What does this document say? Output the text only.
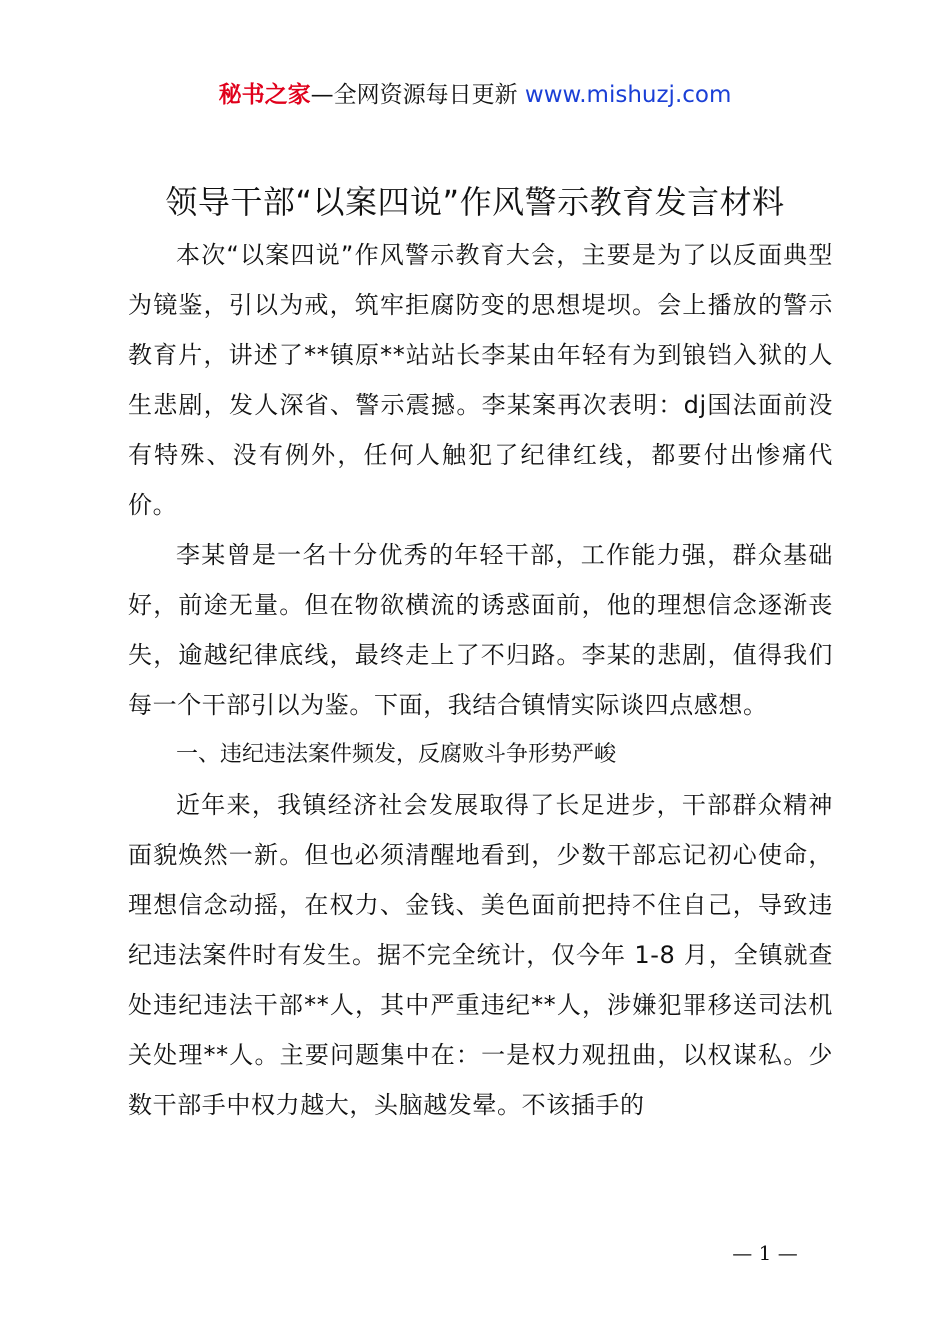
秘书之家—全网资源每日更新 www.mishuzj.com
领导干部“以案四说”作风警示教育发言材料

本次“以案四说”作风警示教育大会，主要是为了以反面典型为镜鉴，引以为戒，筑牢拒腐防变的思想堤坝。会上播放的警示教育片，讲述了**镇原**站站长李某由年轻有为到锒铛入狱的人生悲剧，发人深省、警示震撼。李某案再次表明：dj国法面前没有特殊、没有例外，任何人触犯了纪律红线，都要付出惨痛代价。

李某曾是一名十分优秀的年轻干部，工作能力强，群众基础好，前途无量。但在物欲横流的诱惑面前，他的理想信念逐渐丧失，逾越纪律底线，最终走上了不归路。李某的悲剧，值得我们每一个干部引以为鉴。下面，我结合镇情实际谈四点感想。

一、违纪违法案件频发，反腐败斗争形势严峻

近年来，我镇经济社会发展取得了长足进步，干部群众精神面貌焕然一新。但也必须清醒地看到，少数干部忘记初心使命，理想信念动摇，在权力、金钱、美色面前把持不住自己，导致违纪违法案件时有发生。据不完全统计，仅今年 1-8 月，全镇就查处违纪违法干部**人，其中严重违纪**人，涉嫌犯罪移送司法机关处理**人。主要问题集中在：一是权力观扭曲，以权谋私。少数干部手中权力越大，头脑越发晕。不该插手的

— 1 —
